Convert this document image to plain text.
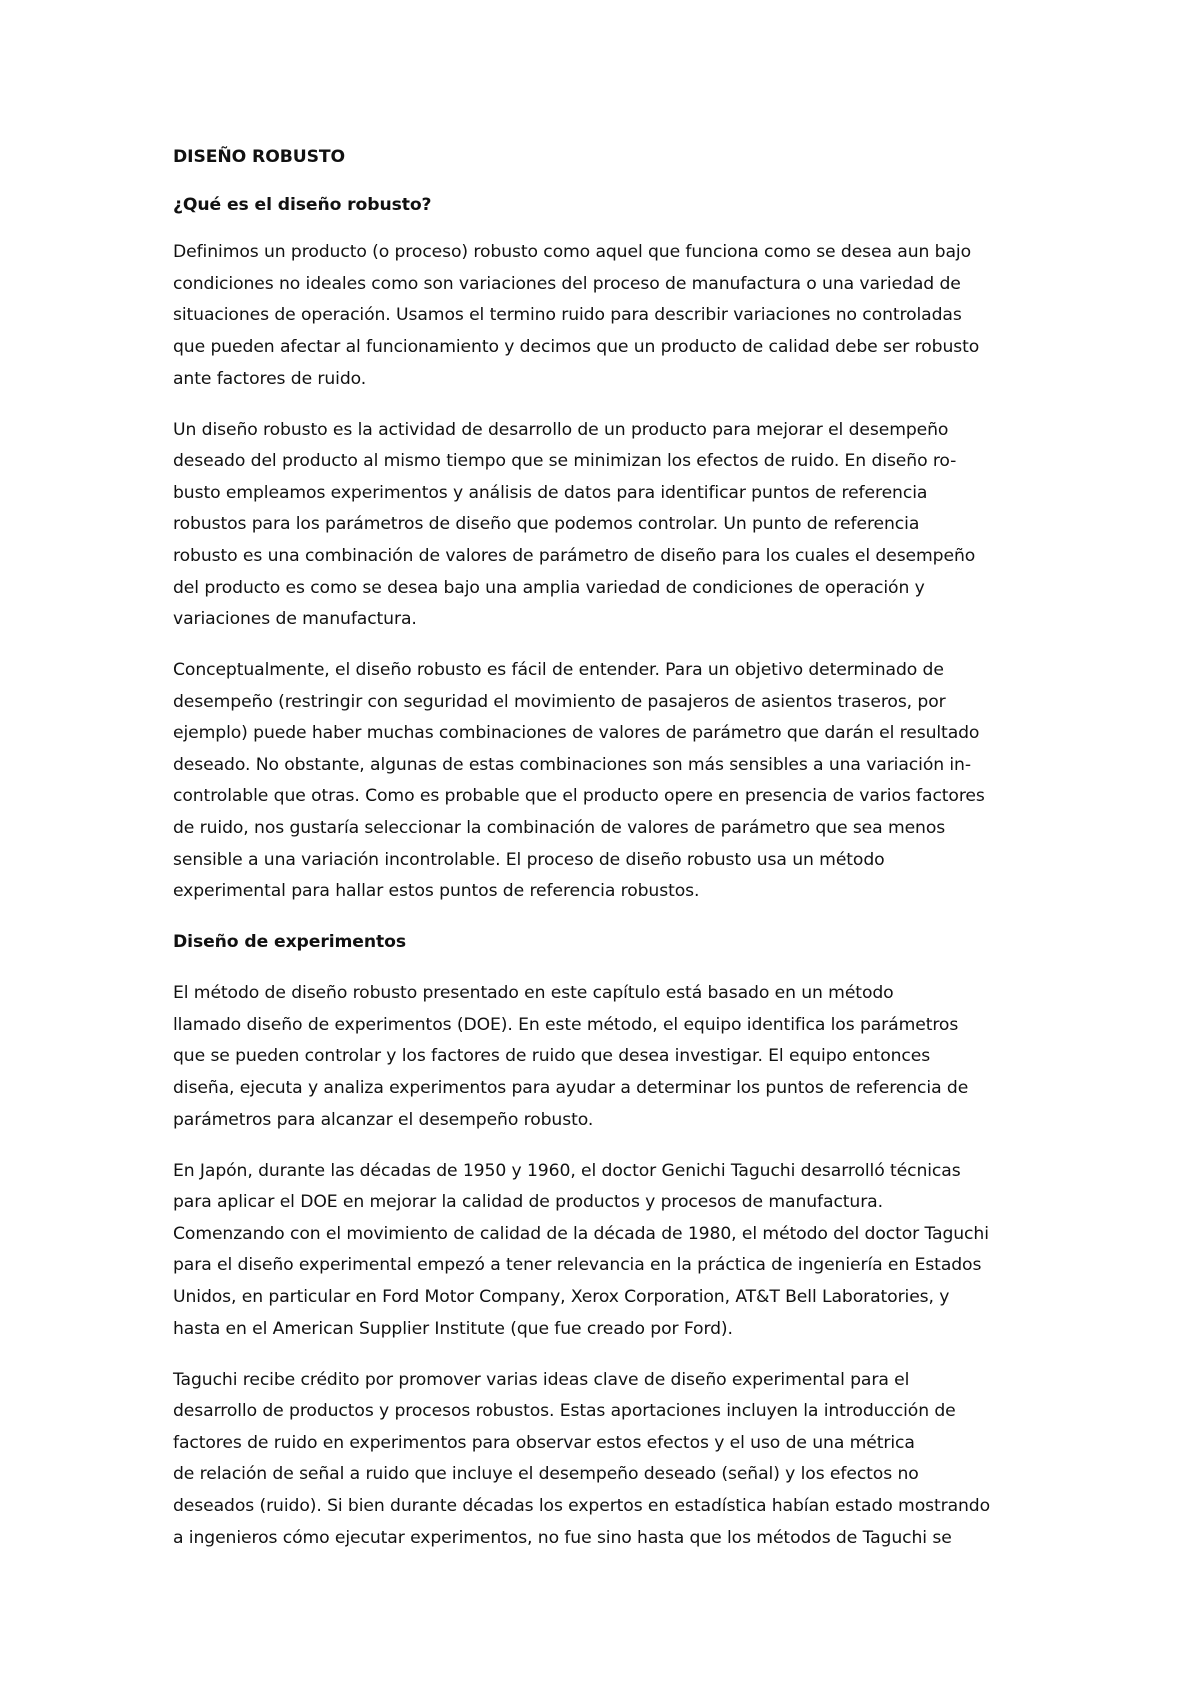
DISEÑO ROBUSTO
¿Qué es el diseño robusto?
Definimos un producto (o proceso) robusto como aquel que funciona como se desea aun bajo
condiciones no ideales como son variaciones del proceso de manufactura o una variedad de
situaciones de operación. Usamos el termino ruido para describir variaciones no controladas
que pueden afectar al funcionamiento y decimos que un producto de calidad debe ser robusto
ante factores de ruido.
Un diseño robusto es la actividad de desarrollo de un producto para mejorar el desempeño
deseado del producto al mismo tiempo que se minimizan los efectos de ruido. En diseño ro-
busto empleamos experimentos y análisis de datos para identificar puntos de referencia
robustos para los parámetros de diseño que podemos controlar. Un punto de referencia
robusto es una combinación de valores de parámetro de diseño para los cuales el desempeño
del producto es como se desea bajo una amplia variedad de condiciones de operación y
variaciones de manufactura.
Conceptualmente, el diseño robusto es fácil de entender. Para un objetivo determinado de
desempeño (restringir con seguridad el movimiento de pasajeros de asientos traseros, por
ejemplo) puede haber muchas combinaciones de valores de parámetro que darán el resultado
deseado. No obstante, algunas de estas combinaciones son más sensibles a una variación in-
controlable que otras. Como es probable que el producto opere en presencia de varios factores
de ruido, nos gustaría seleccionar la combinación de valores de parámetro que sea menos
sensible a una variación incontrolable. El proceso de diseño robusto usa un método
experimental para hallar estos puntos de referencia robustos.
Diseño de experimentos
El método de diseño robusto presentado en este capítulo está basado en un método
llamado diseño de experimentos (DOE). En este método, el equipo identifica los parámetros
que se pueden controlar y los factores de ruido que desea investigar. El equipo entonces
diseña, ejecuta y analiza experimentos para ayudar a determinar los puntos de referencia de
parámetros para alcanzar el desempeño robusto.
En Japón, durante las décadas de 1950 y 1960, el doctor Genichi Taguchi desarrolló técnicas
para aplicar el DOE en mejorar la calidad de productos y procesos de manufactura.
Comenzando con el movimiento de calidad de la década de 1980, el método del doctor Taguchi
para el diseño experimental empezó a tener relevancia en la práctica de ingeniería en Estados
Unidos, en particular en Ford Motor Company, Xerox Corporation, AT&T Bell Laboratories, y
hasta en el American Supplier Institute (que fue creado por Ford).
Taguchi recibe crédito por promover varias ideas clave de diseño experimental para el
desarrollo de productos y procesos robustos. Estas aportaciones incluyen la introducción de
factores de ruido en experimentos para observar estos efectos y el uso de una métrica
de relación de señal a ruido que incluye el desempeño deseado (señal) y los efectos no
deseados (ruido). Si bien durante décadas los expertos en estadística habían estado mostrando
a ingenieros cómo ejecutar experimentos, no fue sino hasta que los métodos de Taguchi se
